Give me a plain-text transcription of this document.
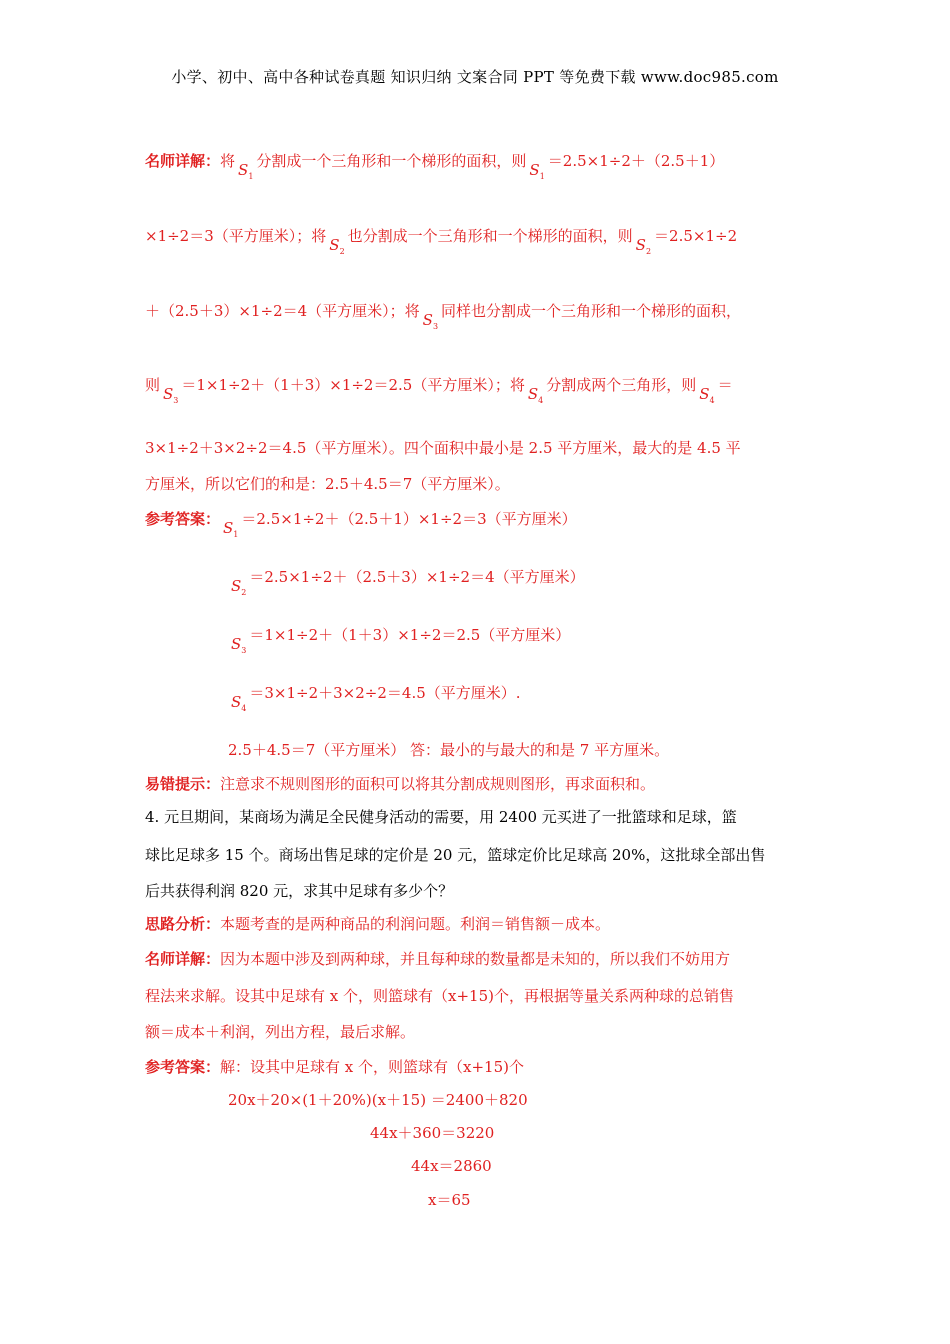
小学、初中、高中各种试卷真题 知识归纳 文案合同 PPT 等免费下载 www.doc985.com
名师详解：将 $S_1$分割成一个三角形和一个梯形的面积，则 $S_1=2.5\times 1\div 2+(2.5+1)$
×1÷2＝3（平方厘米）；将 $S_2$也分割成一个三角形和一个梯形的面积，则 $S_2=2.5\times 1\div 2$
＋（2.5＋3）×1÷2＝4（平方厘米）；将 $S_3$同样也分割成一个三角形和一个梯形的面积，
则 $S_3=1\times 1\div 2+(1+3)\times 1\div 2=2.5$（平方厘米）；将 $S_4$分割成两个三角形，则 $S_4=$
3×1÷2＋3×2÷2＝4.5（平方厘米）。四个面积中最小是 2.5 平方厘米，最大的是 4.5 平
方厘米，所以它们的和是：2.5＋4.5＝7（平方厘米）。
参考答案： $S_1=2.5\times 1\div 2+(2.5+1)\times 1\div 2=3$（平方厘米）
$S_2=2.5\times 1\div 2+(2.5+3)\times 1\div 2=4$（平方厘米）
$S_3=1\times 1\div 2+(1+3)\times 1\div 2=2.5$（平方厘米）
$S_4=3\times 1\div 2+3\times 2\div 2=4.5$（平方厘米）.
2.5＋4.5＝7（平方厘米） 答：最小的与最大的和是 7 平方厘米。
易错提示：注意求不规则图形的面积可以将其分割成规则图形，再求面积和。
4. 元旦期间，某商场为满足全民健身活动的需要，用 2400 元买进了一批篮球和足球，篮
球比足球多 15 个。商场出售足球的定价是 20 元，篮球定价比足球高 20%，这批球全部出售
后共获得利润 820 元，求其中足球有多少个？
思路分析：本题考查的是两种商品的利润问题。利润＝销售额－成本。
名师详解：因为本题中涉及到两种球，并且每种球的数量都是未知的，所以我们不妨用方
程法来求解。设其中足球有 x 个，则篮球有（x+15)个，再根据等量关系两种球的总销售
额＝成本＋利润，列出方程，最后求解。
参考答案：解：设其中足球有 x 个，则篮球有（x+15)个
20x＋20×(1＋20%)(x＋15) ＝2400＋820
44x＋360＝3220
44x＝2860
x＝65
